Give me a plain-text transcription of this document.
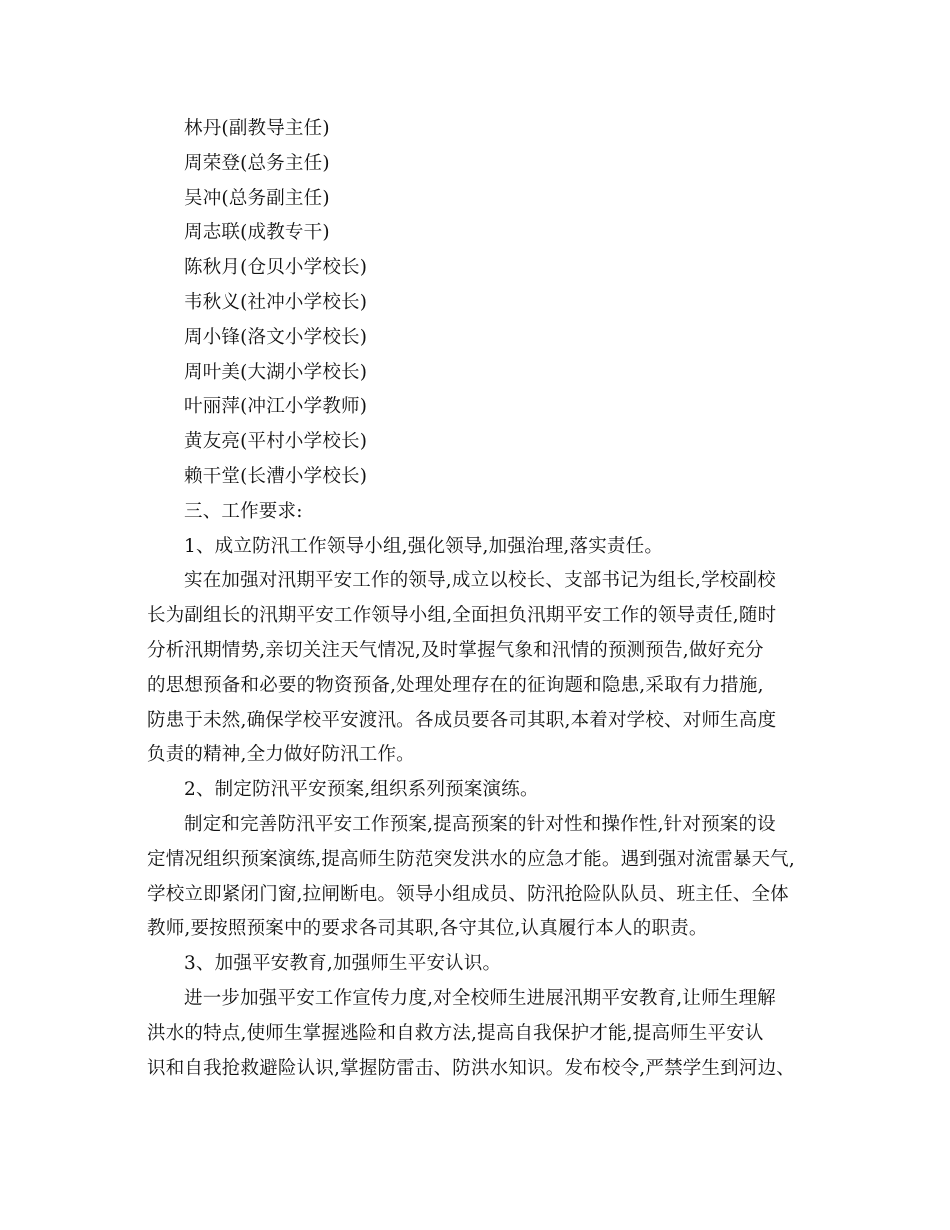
林丹(副教导主任)
周荣登(总务主任)
吴冲(总务副主任)
周志联(成教专干)
陈秋月(仓贝小学校长)
韦秋义(社冲小学校长)
周小锋(洛文小学校长)
周叶美(大湖小学校长)
叶丽萍(冲江小学教师)
黄友亮(平村小学校长)
赖干堂(长漕小学校长)
三、工作要求:
1、成立防汛工作领导小组,强化领导,加强治理,落实责任。

实在加强对汛期平安工作的领导,成立以校长、支部书记为组长,学校副校
长为副组长的汛期平安工作领导小组,全面担负汛期平安工作的领导责任,随时
分析汛期情势,亲切关注天气情况,及时掌握气象和汛情的预测预告,做好充分
的思想预备和必要的物资预备,处理处理存在的征询题和隐患,采取有力措施,
防患于未然,确保学校平安渡汛。各成员要各司其职,本着对学校、对师生高度
负责的精神,全力做好防汛工作。

2、制定防汛平安预案,组织系列预案演练。

制定和完善防汛平安工作预案,提高预案的针对性和操作性,针对预案的设
定情况组织预案演练,提高师生防范突发洪水的应急才能。遇到强对流雷暴天气,
学校立即紧闭门窗,拉闸断电。领导小组成员、防汛抢险队队员、班主任、全体
教师,要按照预案中的要求各司其职,各守其位,认真履行本人的职责。

3、加强平安教育,加强师生平安认识。

进一步加强平安工作宣传力度,对全校师生进展汛期平安教育,让师生理解
洪水的特点,使师生掌握逃险和自救方法,提高自我保护才能,提高师生平安认
识和自我抢救避险认识,掌握防雷击、防洪水知识。发布校令,严禁学生到河边、
